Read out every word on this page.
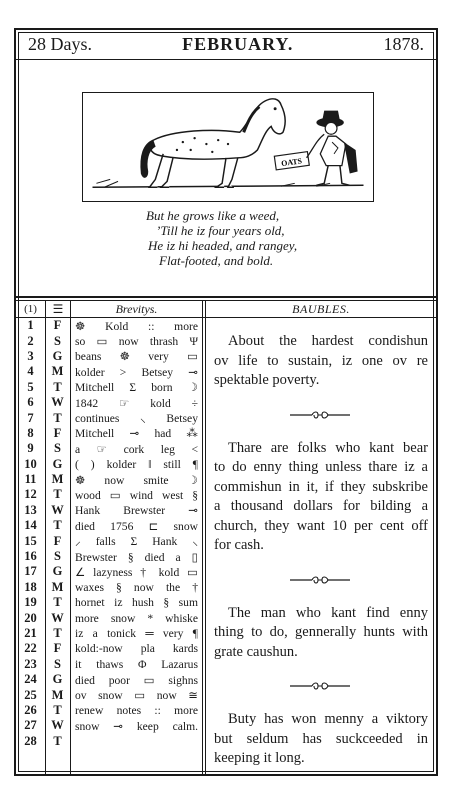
28 Days.	FEBRUARY.	1878.
OATS
But he grows like a weed,
’Till he iz four years old,
He iz hi headed, and rangey,
Flat-footed, and bold.
(1)	☰	Brevitys.	BAUBLES.
1	F	☸ Kold :: more
2	S	so ▭ now thrash Ψ
3	G	beans ☸ very ▭
4	M kolder > Betsey ⊸
5	T	Mitchell Σ born ☽
6	W 1842 ☞ kold ÷
7	T	continues ⸜ Betsey
8	F	Mitchell ⊸ had ⁂
9	S	a ☞ cork leg <
10	G	( ) kolder ‖ still ¶
11	M ☸ now smite ☽
12	T	wood ▭ wind west §
13	W Hank Brewster ⊸
14	T	died 1756 ⊏ snow
15	F	⸝ falls Σ Hank ⸜
16	S	Brewster § died a ▯
17	G	∠ lazyness † kold ▭
18	M waxes § now the †
19	T	hornet iz hush § sum
20	W more snow * whiske
21	T	iz a tonick ═ very ¶
22	F	kold:-now pla kards
23	S	it thaws Φ Lazarus
24	G	died poor ▭ sighns
25	M ov snow ▭ now ≅
26	T	renew notes :: more
27	W snow ⊸ keep calm.
28	T
About the hardest condishun
ov life to sustain, iz one ov re
spektable poverty.
Thare are folks who kant bear
to do enny thing unless thare iz a
commishun in it, if they subskribe
a thousand dollars for bilding a
church, they want 10 per cent off
for cash.
The man who kant find enny
thing to do, gennerally hunts with
grate caushun.
Buty has won menny a viktory
but seldum has suckceeded in
keeping it long.
